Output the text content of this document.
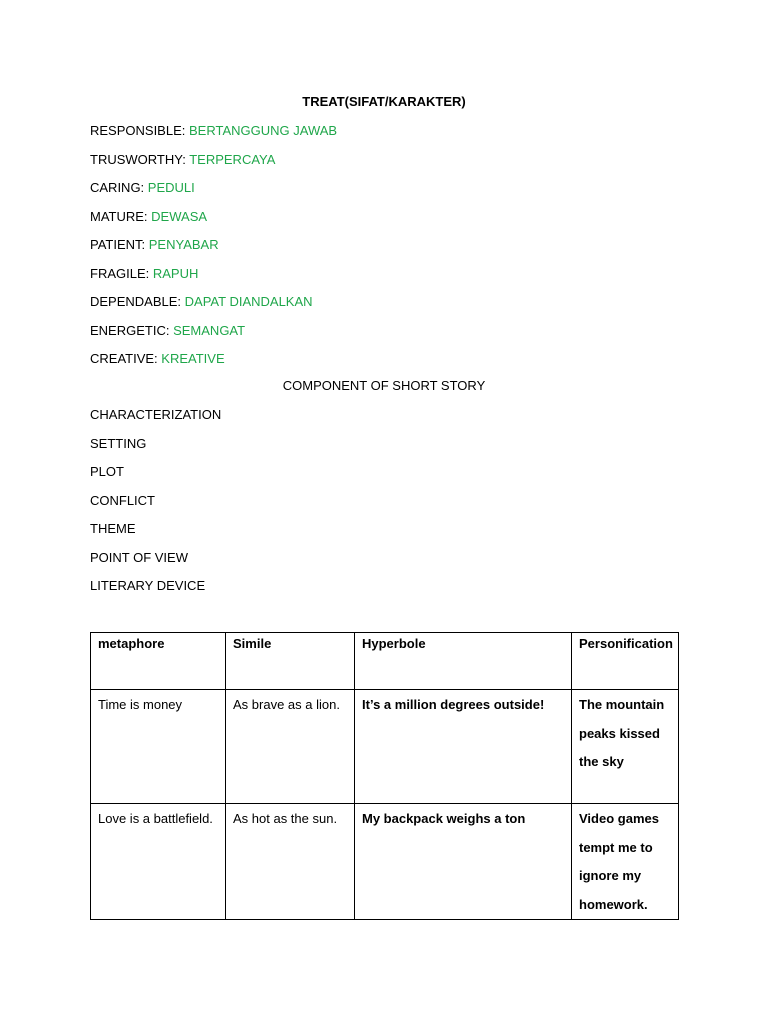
TREAT(SIFAT/KARAKTER)
RESPONSIBLE: BERTANGGUNG JAWAB
TRUSWORTHY: TERPERCAYA
CARING: PEDULI
MATURE: DEWASA
PATIENT: PENYABAR
FRAGILE: RAPUH
DEPENDABLE: DAPAT DIANDALKAN
ENERGETIC: SEMANGAT
CREATIVE: KREATIVE
COMPONENT OF SHORT STORY
CHARACTERIZATION
SETTING
PLOT
CONFLICT
THEME
POINT OF VIEW
LITERARY DEVICE
metaphore	Simile	Hyperbole	Personification
Time is money	As brave as a lion.	It’s a million degrees outside!	The mountain peaks kissed the sky
Love is a battlefield.	As hot as the sun.	My backpack weighs a ton	Video games tempt me to ignore my homework.
